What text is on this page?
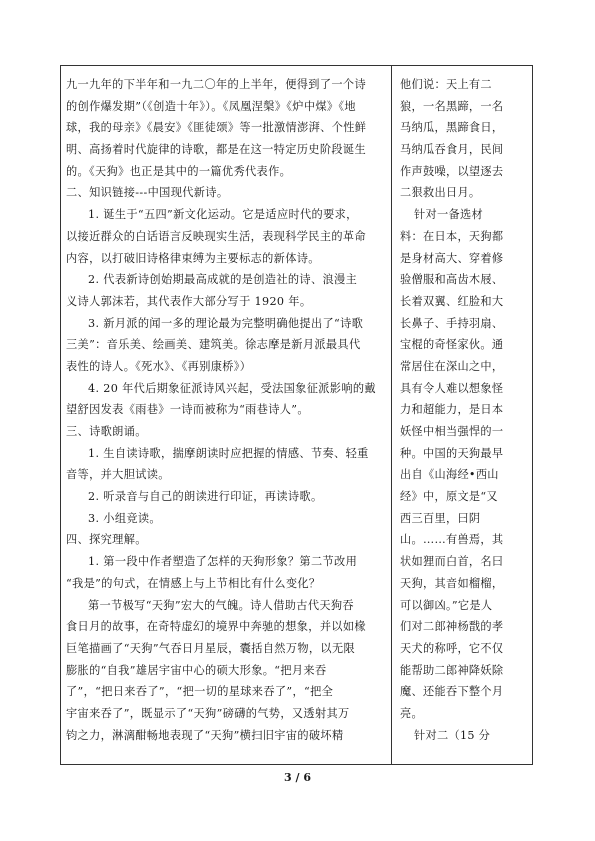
九一九年的下半年和一九二〇年的上半年，便得到了一个诗
的创作爆发期”（《创造十年》）。《凤凰涅槃》《炉中煤》《地
球，我的母亲》《晨安》《匪徒颂》等一批激情澎湃、个性鲜
明、高扬着时代旋律的诗歌，都是在这一特定历史阶段诞生
的。《天狗》也正是其中的一篇优秀代表作。
二、知识链接---中国现代新诗。
1. 诞生于“五四”新文化运动。它是适应时代的要求，
以接近群众的白话语言反映现实生活，表现科学民主的革命
内容，以打破旧诗格律束缚为主要标志的新体诗。
2. 代表新诗创始期最高成就的是创造社的诗、浪漫主
义诗人郭沫若，其代表作大部分写于 1920 年。
3. 新月派的闻一多的理论最为完整明确他提出了“诗歌
三美”：音乐美、绘画美、建筑美。徐志摩是新月派最具代
表性的诗人。《死水》、《再别康桥》）
4. 20 年代后期象征派诗风兴起，受法国象征派影响的戴
望舒因发表《雨巷》一诗而被称为“雨巷诗人”。
三、诗歌朗诵。
1. 生自读诗歌，揣摩朗读时应把握的情感、节奏、轻重
音等，并大胆试读。
2. 听录音与自己的朗读进行印证，再读诗歌。
3. 小组竞读。
四、探究理解。
1. 第一段中作者塑造了怎样的天狗形象？第二节改用
“我是”的句式，在情感上与上节相比有什么变化？
第一节极写“天狗”宏大的气魄。诗人借助古代天狗吞
食日月的故事，在奇特虚幻的境界中奔驰的想象，并以如椽
巨笔描画了“天狗”气吞日月星辰，囊括自然万物，以无限
膨胀的“自我”雄居宇宙中心的硕大形象。“把月来吞
了”，“把日来吞了”，“把一切的星球来吞了”，“把全
宇宙来吞了”，既显示了“天狗”磅礴的气势，又透射其万
钧之力，淋漓酣畅地表现了“天狗”横扫旧宇宙的破坏精
他们说：天上有二
狼，一名黑蹄，一名
马纳瓜，黑蹄食日，
马纳瓜吞食月，民间
作声鼓噪，以望逐去
二狠救出日月。
针对一备选材
料：在日本，天狗都
是身材高大、穿着修
验僧服和高齿木屐、
长着双翼、红脸和大
长鼻子、手持羽扇、
宝棍的奇怪家伙。通
常居住在深山之中，
具有令人难以想象怪
力和超能力，是日本
妖怪中相当强悍的一
种。中国的天狗最早
出自《山海经•西山
经》中，原文是“又
西三百里，曰阴
山。……有兽焉，其
状如狸而白首，名曰
天狗，其音如榴榴，
可以御凶。”它是人
们对二郎神杨戬的孝
天犬的称呼，它不仅
能帮助二郎神降妖除
魔、还能吞下整个月
亮。
针对二（15 分
3 / 6
